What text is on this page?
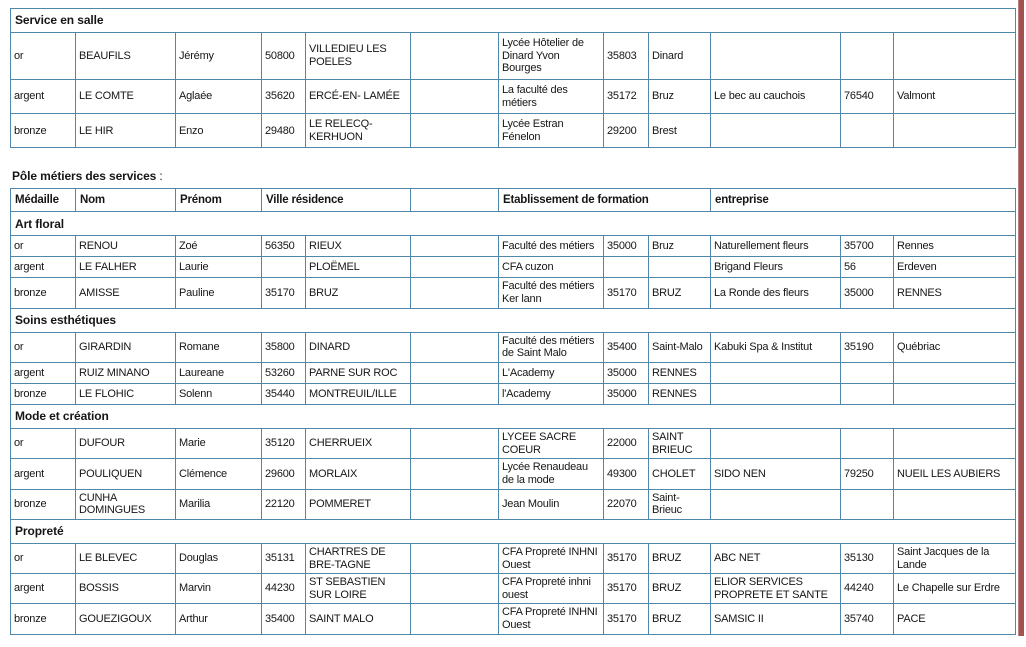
Service en salle											
or	BEAUFILS	Jérémy	50800	VILLEDIEU LES POELES		Lycée Hôtelier de Dinard Yvon Bourges	35803	Dinard			
argent	LE COMTE	Aglaée	35620	ERCÉ-EN- LAMÉE		La faculté des métiers	35172	Bruz	Le bec au cauchois	76540	Valmont
bronze	LE HIR	Enzo	29480	LE RELECQ-KERHUON		Lycée Estran Fénelon	29200	Brest			

Pôle métiers des services :

Médaille	Nom	Prénom	Ville résidence			Etablissement de formation			entreprise		
Art floral											
or	RENOU	Zoé	56350	RIEUX		Faculté des métiers	35000	Bruz	Naturellement fleurs	35700	Rennes
argent	LE FALHER	Laurie		PLOËMEL		CFA cuzon			Brigand Fleurs	56	Erdeven
bronze	AMISSE	Pauline	35170	BRUZ		Faculté des métiers Ker lann	35170	BRUZ	La Ronde des fleurs	35000	RENNES
Soins esthétiques											
or	GIRARDIN	Romane	35800	DINARD		Faculté des métiers de Saint Malo	35400	Saint-Malo	Kabuki Spa & Institut	35190	Québriac
argent	RUIZ MINANO	Laureane	53260	PARNE SUR ROC		L'Academy	35000	RENNES			
bronze	LE FLOHIC	Solenn	35440	MONTREUIL/ILLE		l'Academy	35000	RENNES			
Mode et création											
or	DUFOUR	Marie	35120	CHERRUEIX		LYCEE SACRE COEUR	22000	SAINT BRIEUC			
argent	POULIQUEN	Clémence	29600	MORLAIX		Lycée Renaudeau de la mode	49300	CHOLET	SIDO NEN	79250	NUEIL LES AUBIERS
bronze	CUNHA DOMINGUES	Marilia	22120	POMMERET		Jean Moulin	22070	Saint-Brieuc			
Propreté											
or	LE BLEVEC	Douglas	35131	CHARTRES DE BRE-TAGNE		CFA Propreté INHNI Ouest	35170	BRUZ	ABC NET	35130	Saint Jacques de la Lande
argent	BOSSIS	Marvin	44230	ST SEBASTIEN SUR LOIRE		CFA Propreté inhni ouest	35170	BRUZ	ELIOR SERVICES PROPRETE ET SANTE	44240	Le Chapelle sur Erdre
bronze	GOUEZIGOUX	Arthur	35400	SAINT MALO		CFA Propreté INHNI Ouest	35170	BRUZ	SAMSIC II	35740	PACE
